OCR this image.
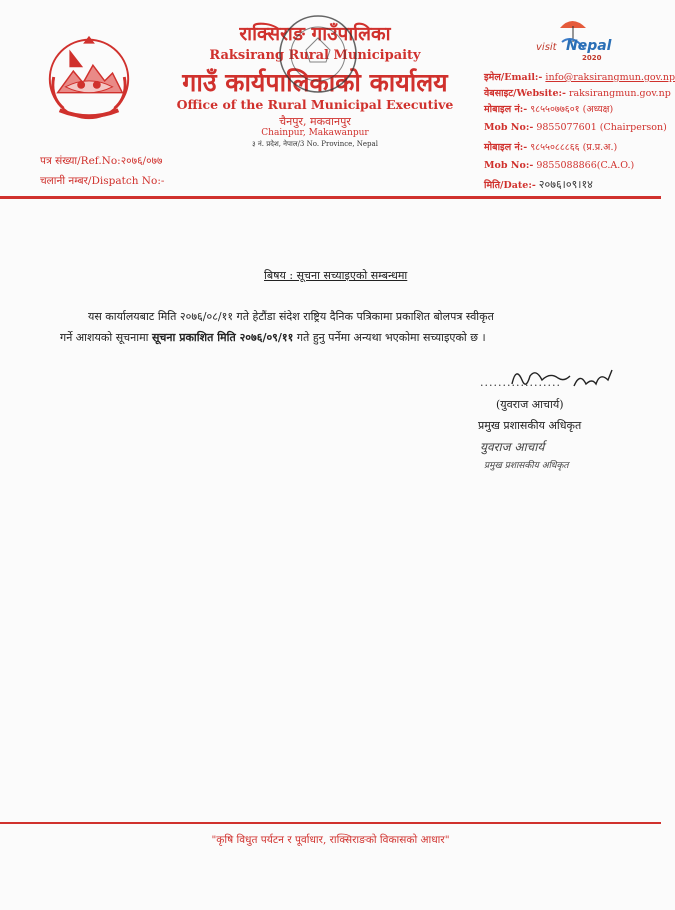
राक्सिराङ गाउँपालिका
Raksirang Rural Municipaity
गाउँ कार्यपालिकाको कार्यालय
Office of the Rural Municipal Executive
चैनपुर, मकवानपुर
Chainpur, Makawanpur
३ नं. प्रदेश, नेपाल/3 No. Province, Nepal
visit Nepal
2020
इमेल/Email:- info@raksirangmun.gov.np
वेबसाइट/Website:- raksirangmun.gov.np
मोबाइल नं:- ९८५५०७७६०१ (अध्यक्ष)
Mob No:- 9855077601 (Chairperson)
मोबाइल नं:- ९८५५०८८८६६ (प्र.प्र.अ.)
Mob No:- 9855088866(C.A.O.)
मिति/Date:- २०७६।०९।१४
पत्र संख्या/Ref.No:२०७६/०७७
चलानी नम्बर/Dispatch No:-
बिषय : सूचना सच्याइएको सम्बन्धमा
यस कार्यालयबाट मिति २०७६/०८/११ गते हेटौंडा संदेश राष्ट्रिय दैनिक पत्रिकामा प्रकाशित बोलपत्र स्वीकृत
गर्ने आशयको सूचनामा सूचना प्रकाशित मिति २०७६/०९/११ गते हुनु पर्नेमा अन्यथा भएकोमा सच्याइएको छ ।
..................
(युवराज आचार्य)
प्रमुख प्रशासकीय अधिकृत
युवराज आचार्य
प्रमुख प्रशासकीय अधिकृत
"कृषि विधुत पर्यटन र पूर्वाधार, राक्सिराङको विकासको आधार"
